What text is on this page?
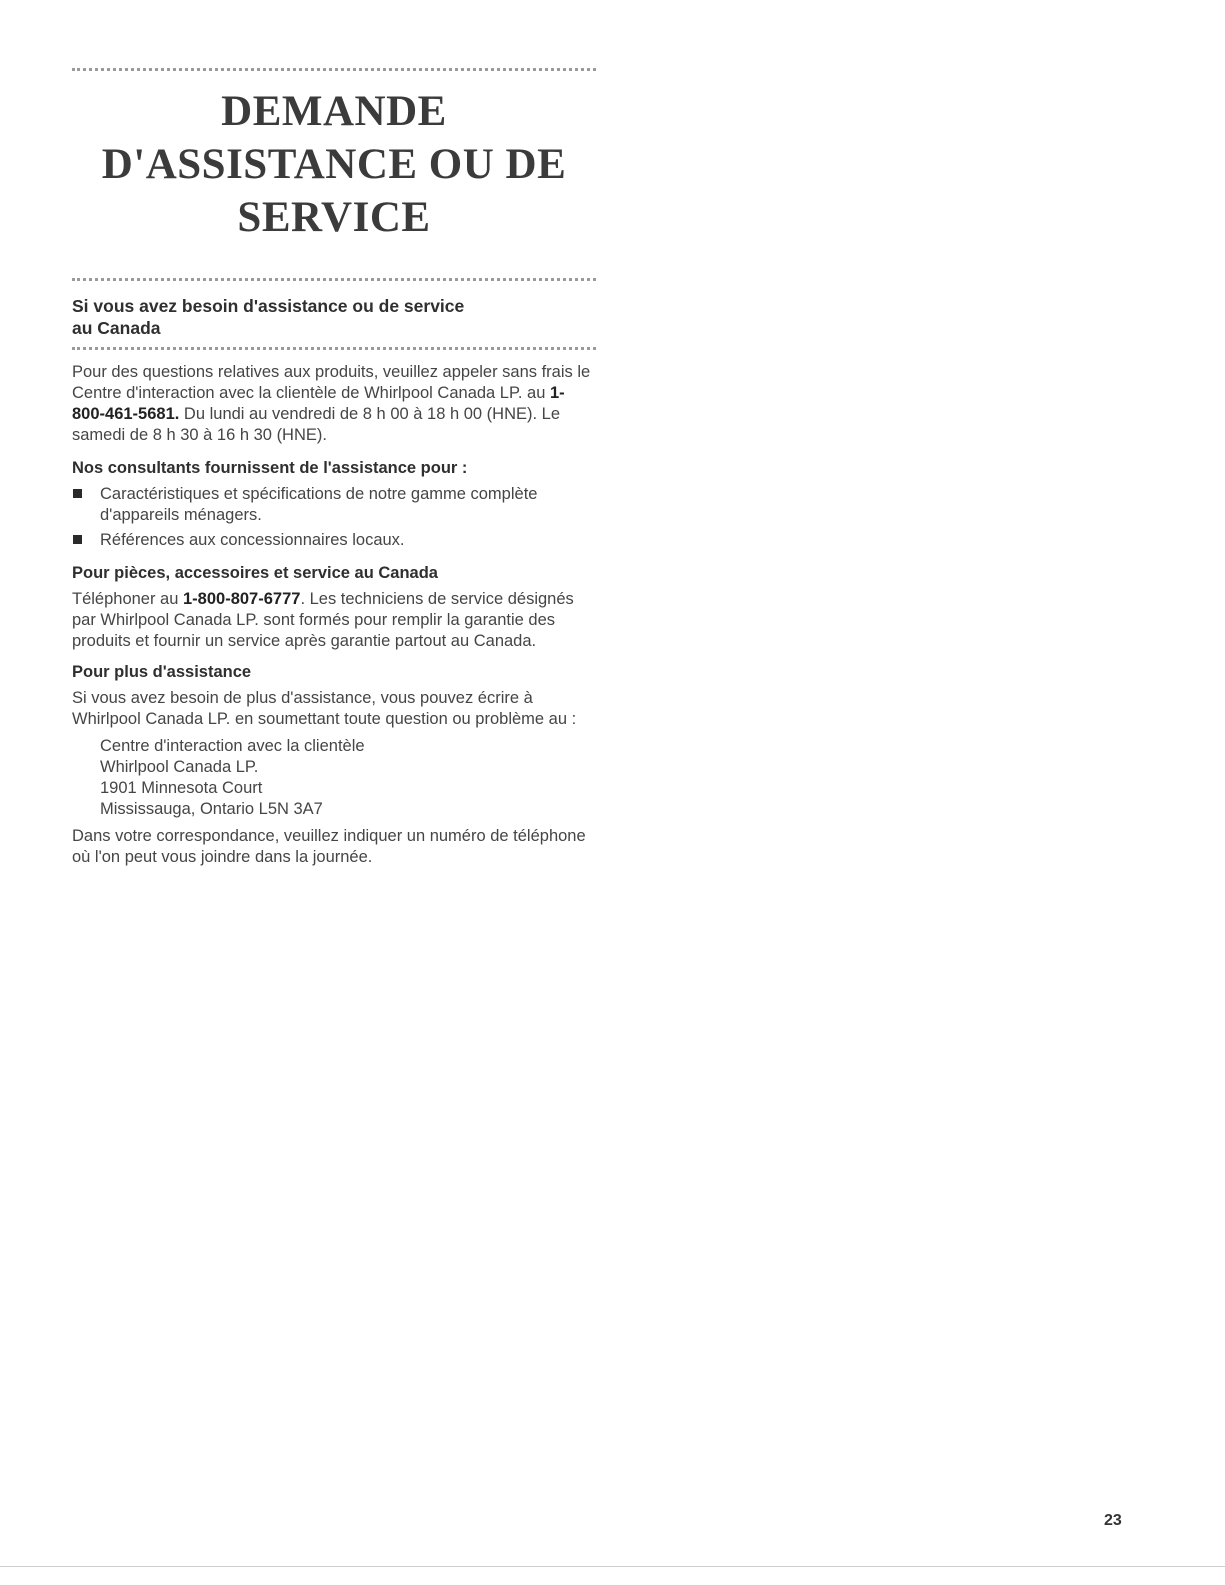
DEMANDE D'ASSISTANCE OU DE
SERVICE
Si vous avez besoin d'assistance ou de service
au Canada

Pour des questions relatives aux produits, veuillez appeler sans frais le Centre d'interaction avec la clientèle de Whirlpool Canada LP. au 1-800-461-5681. Du lundi au vendredi de 8 h 00 à 18 h 00 (HNE). Le samedi de 8 h 30 à 16 h 30 (HNE).

Nos consultants fournissent de l'assistance pour :
Caractéristiques et spécifications de notre gamme complète d'appareils ménagers.
Références aux concessionnaires locaux.
Pour pièces, accessoires et service au Canada

Téléphoner au 1-800-807-6777. Les techniciens de service désignés par Whirlpool Canada LP. sont formés pour remplir la garantie des produits et fournir un service après garantie partout au Canada.

Pour plus d'assistance

Si vous avez besoin de plus d'assistance, vous pouvez écrire à Whirlpool Canada LP. en soumettant toute question ou problème au :

Centre d'interaction avec la clientèle

Whirlpool Canada LP.

1901 Minnesota Court

Mississauga, Ontario L5N 3A7

Dans votre correspondance, veuillez indiquer un numéro de téléphone où l'on peut vous joindre dans la journée.

23
